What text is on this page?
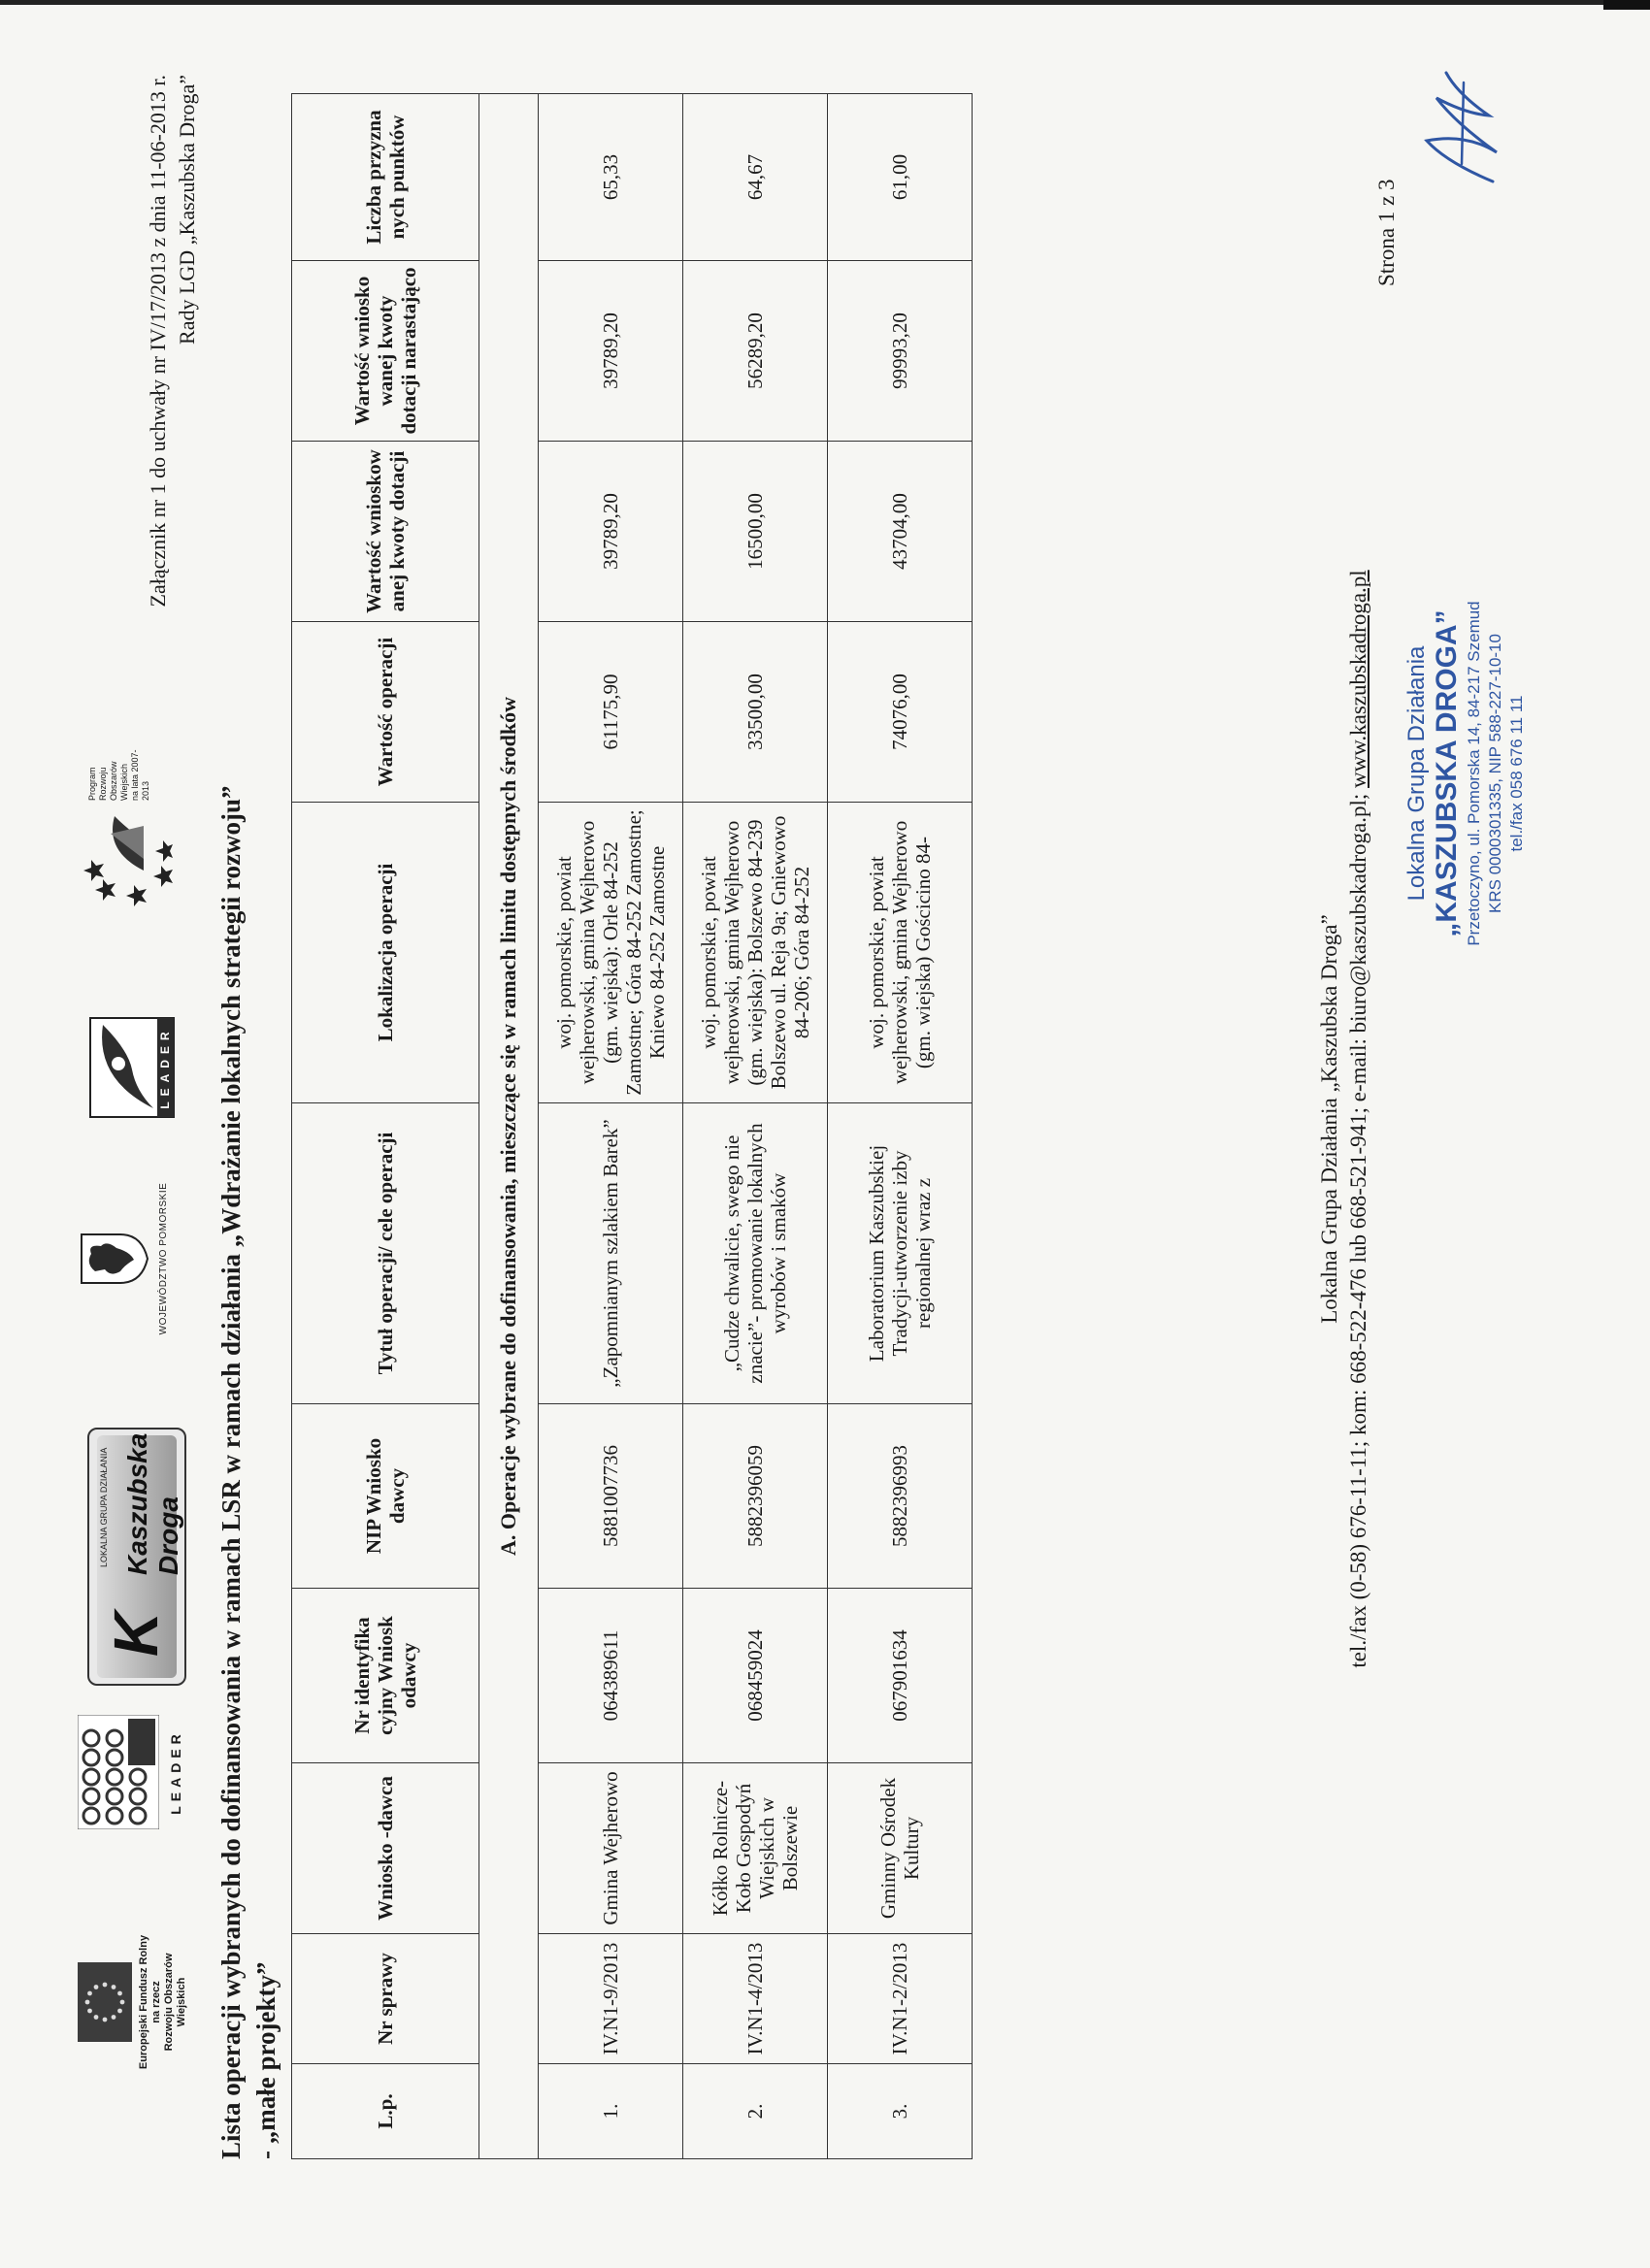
Europejski Fundusz Rolny na rzecz Rozwoju Obszarów Wiejskich
LEADER
K
LOKALNA GRUPA DZIAŁANIA Kaszubska Droga
WOJEWÓDZTWO POMORSKIE
LEADER
Program Rozwoju Obszarów Wiejskich na lata 2007-2013
Załącznik nr 1 do uchwały nr IV/17/2013 z dnia 11-06-2013 r. Rady LGD „Kaszubska Droga”
Lista operacji wybranych do dofinansowania w ramach LSR w ramach działania „Wdrażanie lokalnych strategii rozwoju” - „małe projekty”	L.p.	Nr sprawy	Wniosko -dawca	Nr identyfika cyjny Wniosk odawcy	NIP Wniosko dawcy	Tytuł operacji/ cele operacji	Lokalizacja operacji	Wartość operacji	Wartość wnioskow anej kwoty dotacji	Wartość wniosko wanej kwoty dotacji narastająco	Liczba przyzna nych punktów
A. Operacje wybrane do dofinansowania, mieszczące się w ramach limitu dostępnych środków										
1.	IV.N1-9/2013	Gmina Wejherowo	064389611	5881007736	„Zapomnianym szlakiem Barek”	woj. pomorskie, powiat wejherowski, gmina Wejherowo (gm. wiejska): Orle 84-252 Zamostne; Góra 84-252 Zamostne; Kniewo 84-252 Zamostne	61175,90	39789,20	39789,20	65,33
2.	IV.N1-4/2013	Kółko Rolnicze-Koło Gospodyń Wiejskich w Bolszewie	068459024	5882396059	„Cudze chwalicie, swego nie znacie”- promowanie lokalnych wyrobów i smaków	woj. pomorskie, powiat wejherowski, gmina Wejherowo (gm. wiejska): Bolszewo 84-239 Bolszewo ul. Reja 9a; Gniewowo 84-206; Góra 84-252	33500,00	16500,00	56289,20	64,67
3.	IV.N1-2/2013	Gminny Ośrodek Kultury	067901634	5882396993	Laboratorium Kaszubskiej Tradycji-utworzenie izby regionalnej wraz z	woj. pomorskie, powiat wejherowski, gmina Wejherowo (gm. wiejska) Gościcino 84-	74076,00	43704,00	99993,20	61,00
Lokalna Grupa Działania „Kaszubska Droga” tel./fax (0-58) 676-11-11; kom: 668-522-476 lub 668-521-941; e-mail: biuro@kaszubskadroga.pl; www.kaszubskadroga.pl
Strona 1 z 3
Lokalna Grupa Działania „KASZUBSKA DROGA” Przetoczyno, ul. Pomorska 14, 84-217 Szemud KRS 0000301335, NIP 588-227-10-10 tel./fax 058 676 11 11
